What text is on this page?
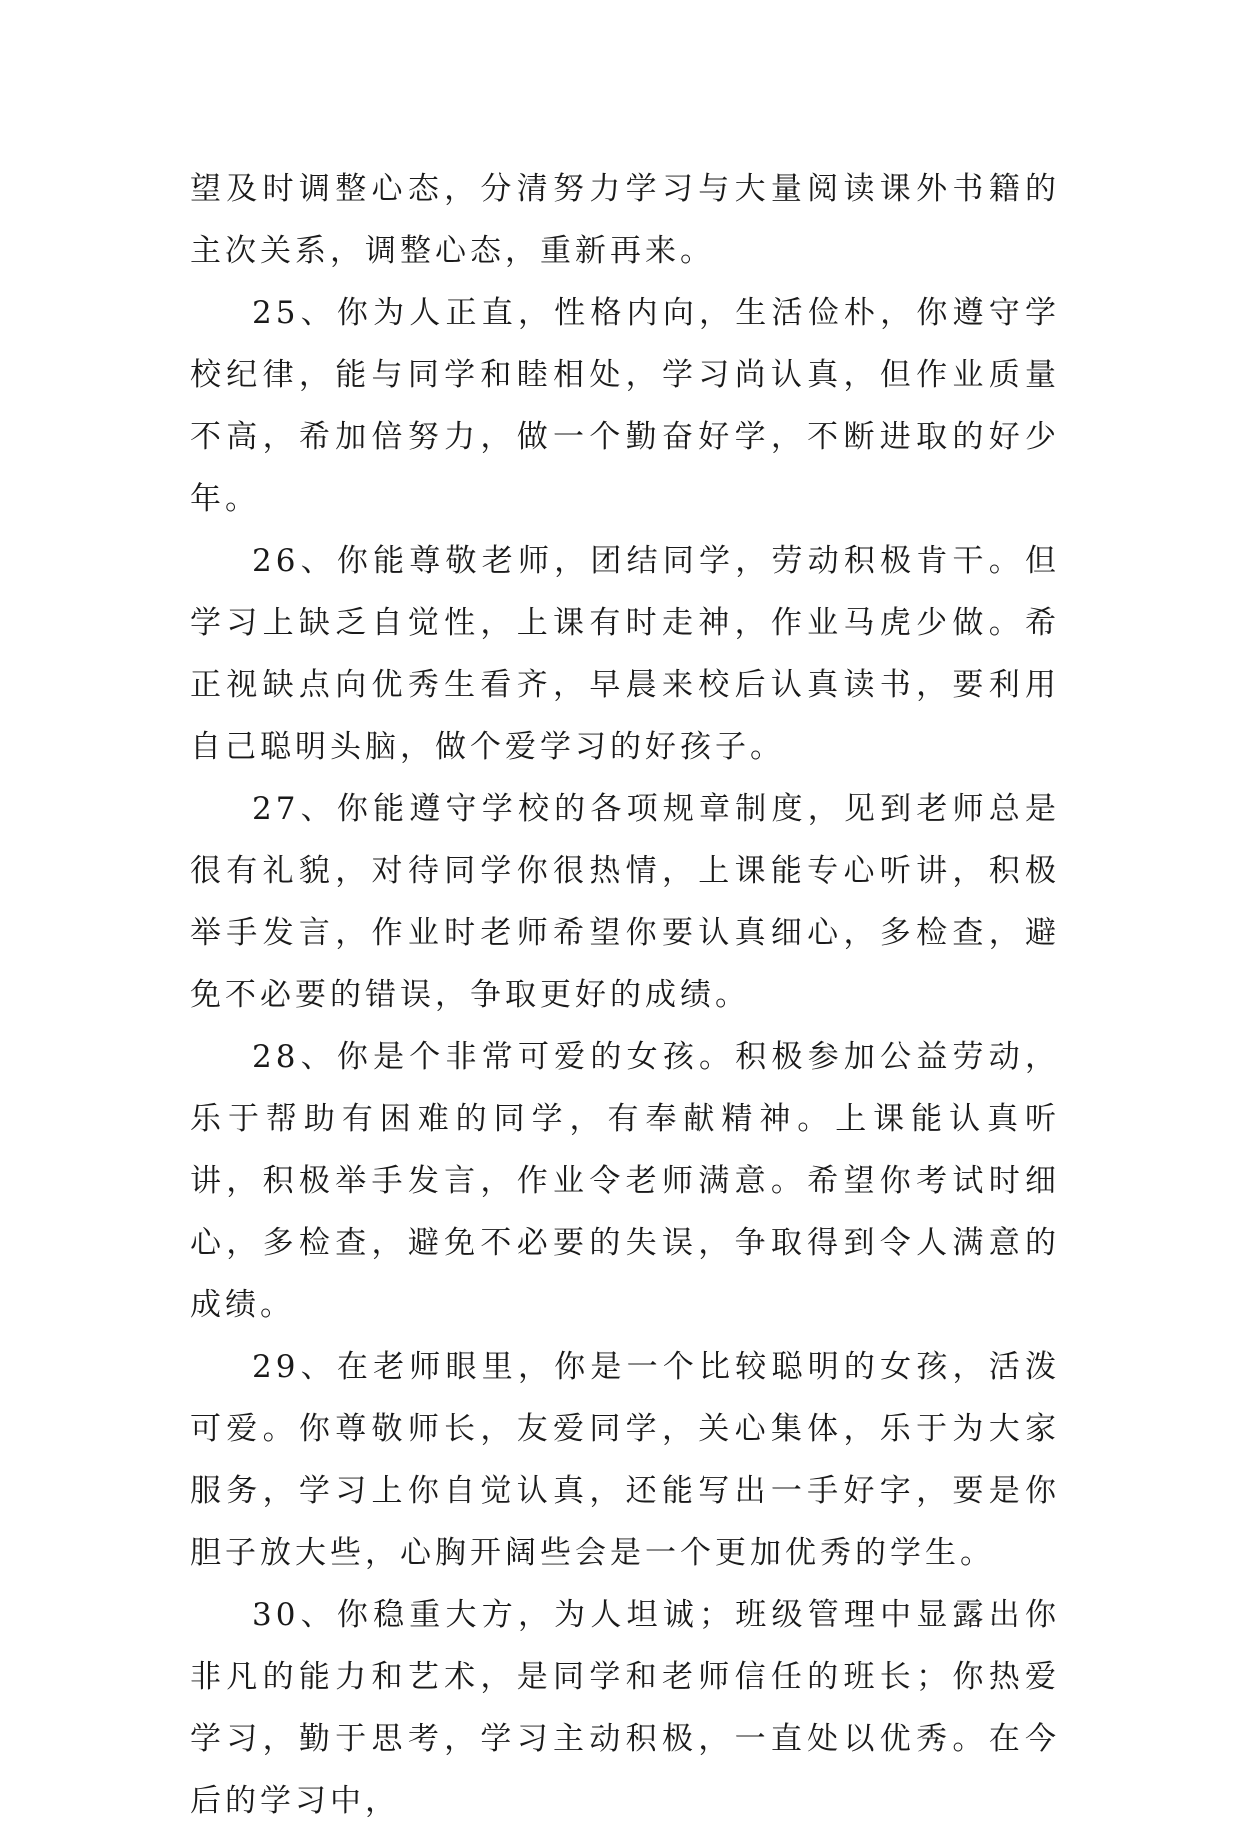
望及时调整心态，分清努力学习与大量阅读课外书籍的主次关系，调整心态，重新再来。

25、你为人正直，性格内向，生活俭朴，你遵守学校纪律，能与同学和睦相处，学习尚认真，但作业质量不高，希加倍努力，做一个勤奋好学，不断进取的好少年。

26、你能尊敬老师，团结同学，劳动积极肯干。但学习上缺乏自觉性，上课有时走神，作业马虎少做。希正视缺点向优秀生看齐，早晨来校后认真读书，要利用自己聪明头脑，做个爱学习的好孩子。

27、你能遵守学校的各项规章制度，见到老师总是很有礼貌，对待同学你很热情，上课能专心听讲，积极举手发言，作业时老师希望你要认真细心，多检查，避免不必要的错误，争取更好的成绩。

28、你是个非常可爱的女孩。积极参加公益劳动，乐于帮助有困难的同学，有奉献精神。上课能认真听讲，积极举手发言，作业令老师满意。希望你考试时细心，多检查，避免不必要的失误，争取得到令人满意的成绩。

29、在老师眼里，你是一个比较聪明的女孩，活泼可爱。你尊敬师长，友爱同学，关心集体，乐于为大家服务，学习上你自觉认真，还能写出一手好字，要是你胆子放大些，心胸开阔些会是一个更加优秀的学生。

30、你稳重大方，为人坦诚；班级管理中显露出你非凡的能力和艺术，是同学和老师信任的班长；你热爱学习，勤于思考，学习主动积极，一直处以优秀。在今后的学习中，
